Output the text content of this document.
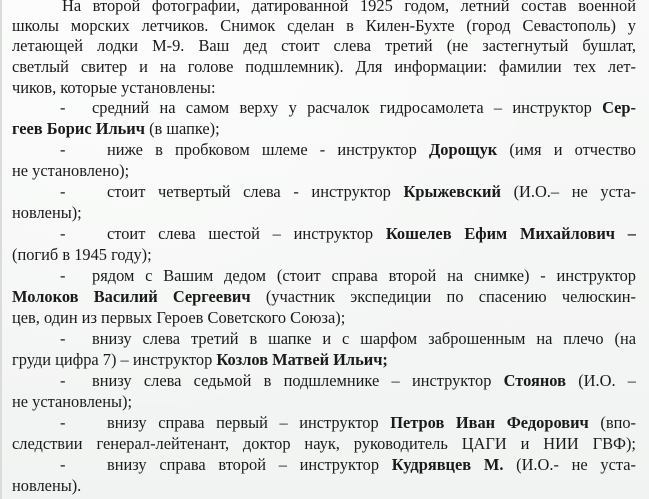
На второй фотографии, датированной 1925 годом, летний состав военной
школы морских летчиков. Снимок сделан в Килен-Бухте (город Севастополь) у
летающей лодки М-9. Ваш дед стоит слева третий (не застегнутый бушлат,
светлый свитер и на голове подшлемник). Для информации: фамилии тех лет-
чиков, которые установлены:
- средний на самом верху у расчалок гидросамолета – инструктор Сер-
геев Борис Ильич (в шапке);
-	ниже в пробковом шлеме - инструктор Дорощук (имя и отчество
не установлено);
-	стоит четвертый слева - инструктор Крыжевский (И.О.– не уста-
новлены);
-	стоит слева шестой – инструктор Кошелев Ефим Михайлович –
(погиб в 1945 году);
- рядом с Вашим дедом (стоит справа второй на снимке) - инструктор
Молоков Василий Сергеевич (участник экспедиции по спасению челюскин-
цев, один из первых Героев Советского Союза);
- внизу слева третий в шапке и с шарфом заброшенным на плечо (на
груди цифра 7) – инструктор Козлов Матвей Ильич;
- внизу слева седьмой в подшлемнике – инструктор Стоянов (И.О. –
не установлены);
-	внизу справа первый – инструктор Петров Иван Федорович (впо-
следствии генерал-лейтенант, доктор наук, руководитель ЦАГИ и НИИ ГВФ);
-	внизу справа второй – инструктор Кудрявцев М. (И.О.- не уста-
новлены).
